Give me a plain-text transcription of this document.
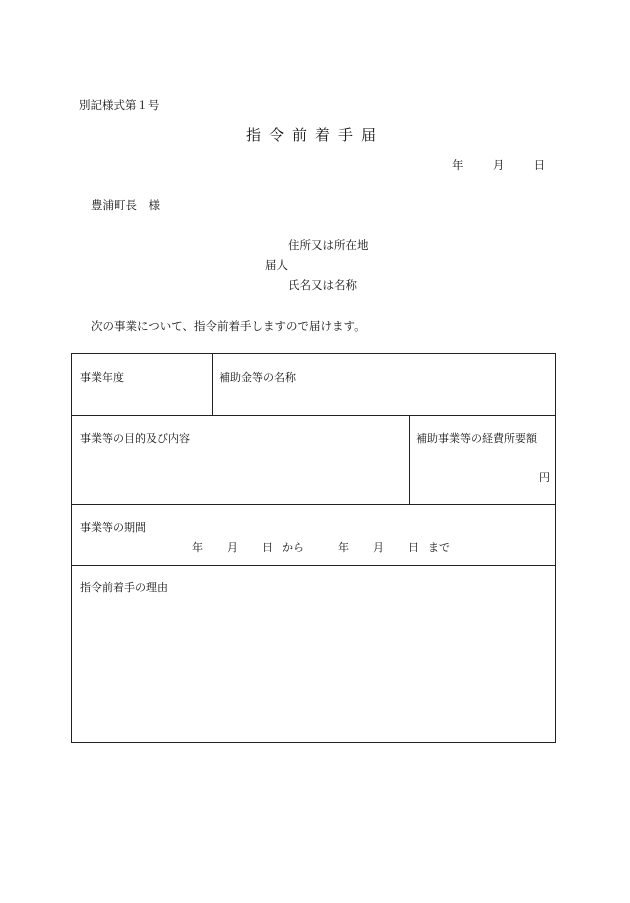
別記様式第１号
指令前着手届
年	月	日
豊浦町長　様
住所又は所在地
届人
氏名又は名称
次の事業について、指令前着手しますので届けます。
事業年度	補助金等の名称
事業等の目的及び内容	補助事業等の経費所要額
円
事業等の期間
年 月 日 から	年 月 日 まで
指令前着手の理由
